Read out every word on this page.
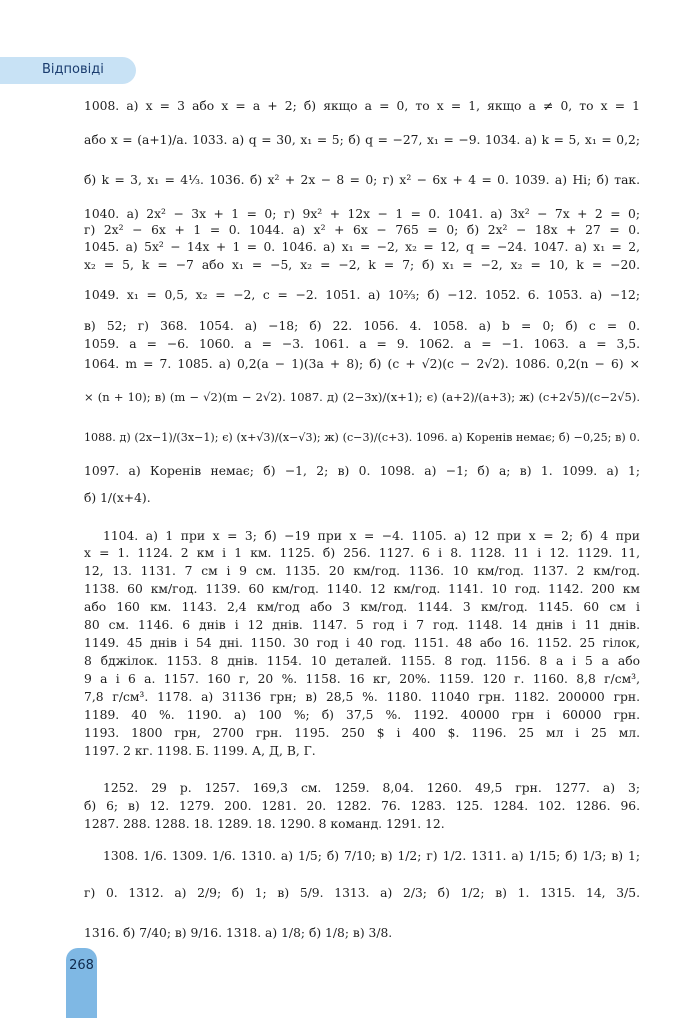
Відповіді
1008. а) x = 3 або x = a + 2; б) якщо a = 0, то x = 1, якщо a ≠ 0, то x = 1
або x = (a+1)/a. 1033. а) q = 30, x₁ = 5; б) q = −27, x₁ = −9. 1034. а) k = 5, x₁ = 0,2;
б) k = 3, x₁ = 4⅓. 1036. б) x² + 2x − 8 = 0; г) x² − 6x + 4 = 0. 1039. а) Ні; б) так.
1040. а) 2x² − 3x + 1 = 0; г) 9x² + 12x − 1 = 0. 1041. а) 3x² − 7x + 2 = 0;
г) 2x² − 6x + 1 = 0. 1044. а) x² + 6x − 765 = 0; б) 2x² − 18x + 27 = 0.
1045. а) 5x² − 14x + 1 = 0. 1046. а) x₁ = −2, x₂ = 12, q = −24. 1047. а) x₁ = 2,
x₂ = 5, k = −7 або x₁ = −5, x₂ = −2, k = 7; б) x₁ = −2, x₂ = 10, k = −20.
1049. x₁ = 0,5, x₂ = −2, c = −2. 1051. а) 10⅔; б) −12. 1052. 6. 1053. а) −12;
в) 52; г) 368. 1054. а) −18; б) 22. 1056. 4. 1058. а) b = 0; б) c = 0.
1059. a = −6. 1060. a = −3. 1061. a = 9. 1062. a = −1. 1063. a = 3,5.
1064. m = 7. 1085. а) 0,2(a − 1)(3a + 8); б) (c + √2)(c − 2√2). 1086. 0,2(n − 6) ×
× (n + 10); в) (m − √2)(m − 2√2). 1087. д) (2−3x)/(x+1); є) (a+2)/(a+3); ж) (c+2√5)/(c−2√5).
1088. д) (2x−1)/(3x−1); є) (x+√3)/(x−√3); ж) (c−3)/(c+3). 1096. а) Коренів немає; б) −0,25; в) 0.
1097. а) Коренів немає; б) −1, 2; в) 0. 1098. а) −1; б) a; в) 1. 1099. а) 1;
б) 1/(x+4).
1104. а) 1 при x = 3; б) −19 при x = −4. 1105. а) 12 при x = 2; б) 4 при
x = 1. 1124. 2 км і 1 км. 1125. б) 256. 1127. 6 і 8. 1128. 11 і 12. 1129. 11,
12, 13. 1131. 7 см і 9 см. 1135. 20 км/год. 1136. 10 км/год. 1137. 2 км/год.
1138. 60 км/год. 1139. 60 км/год. 1140. 12 км/год. 1141. 10 год. 1142. 200 км
або 160 км. 1143. 2,4 км/год або 3 км/год. 1144. 3 км/год. 1145. 60 см і
80 см. 1146. 6 днів і 12 днів. 1147. 5 год і 7 год. 1148. 14 днів і 11 днів.
1149. 45 днів і 54 дні. 1150. 30 год і 40 год. 1151. 48 або 16. 1152. 25 гілок,
8 бджілок. 1153. 8 днів. 1154. 10 деталей. 1155. 8 год. 1156. 8 а і 5 а або
9 а і 6 а. 1157. 160 г, 20 %. 1158. 16 кг, 20%. 1159. 120 г. 1160. 8,8 г/см³,
7,8 г/см³. 1178. а) 31136 грн; в) 28,5 %. 1180. 11040 грн. 1182. 200000 грн.
1189. 40 %. 1190. а) 100 %; б) 37,5 %. 1192. 40000 грн і 60000 грн.
1193. 1800 грн, 2700 грн. 1195. 250 $ і 400 $. 1196. 25 мл і 25 мл.
1197. 2 кг. 1198. Б. 1199. А, Д, В, Г.
1252. 29 р. 1257. 169,3 см. 1259. 8,04. 1260. 49,5 грн. 1277. а) 3;
б) 6; в) 12. 1279. 200. 1281. 20. 1282. 76. 1283. 125. 1284. 102. 1286. 96.
1287. 288. 1288. 18. 1289. 18. 1290. 8 команд. 1291. 12.
1308. 1/6. 1309. 1/6. 1310. а) 1/5; б) 7/10; в) 1/2; г) 1/2. 1311. а) 1/15; б) 1/3; в) 1;
г) 0. 1312. а) 2/9; б) 1; в) 5/9. 1313. а) 2/3; б) 1/2; в) 1. 1315. 14, 3/5.
1316. б) 7/40; в) 9/16. 1318. а) 1/8; б) 1/8; в) 3/8.
268
